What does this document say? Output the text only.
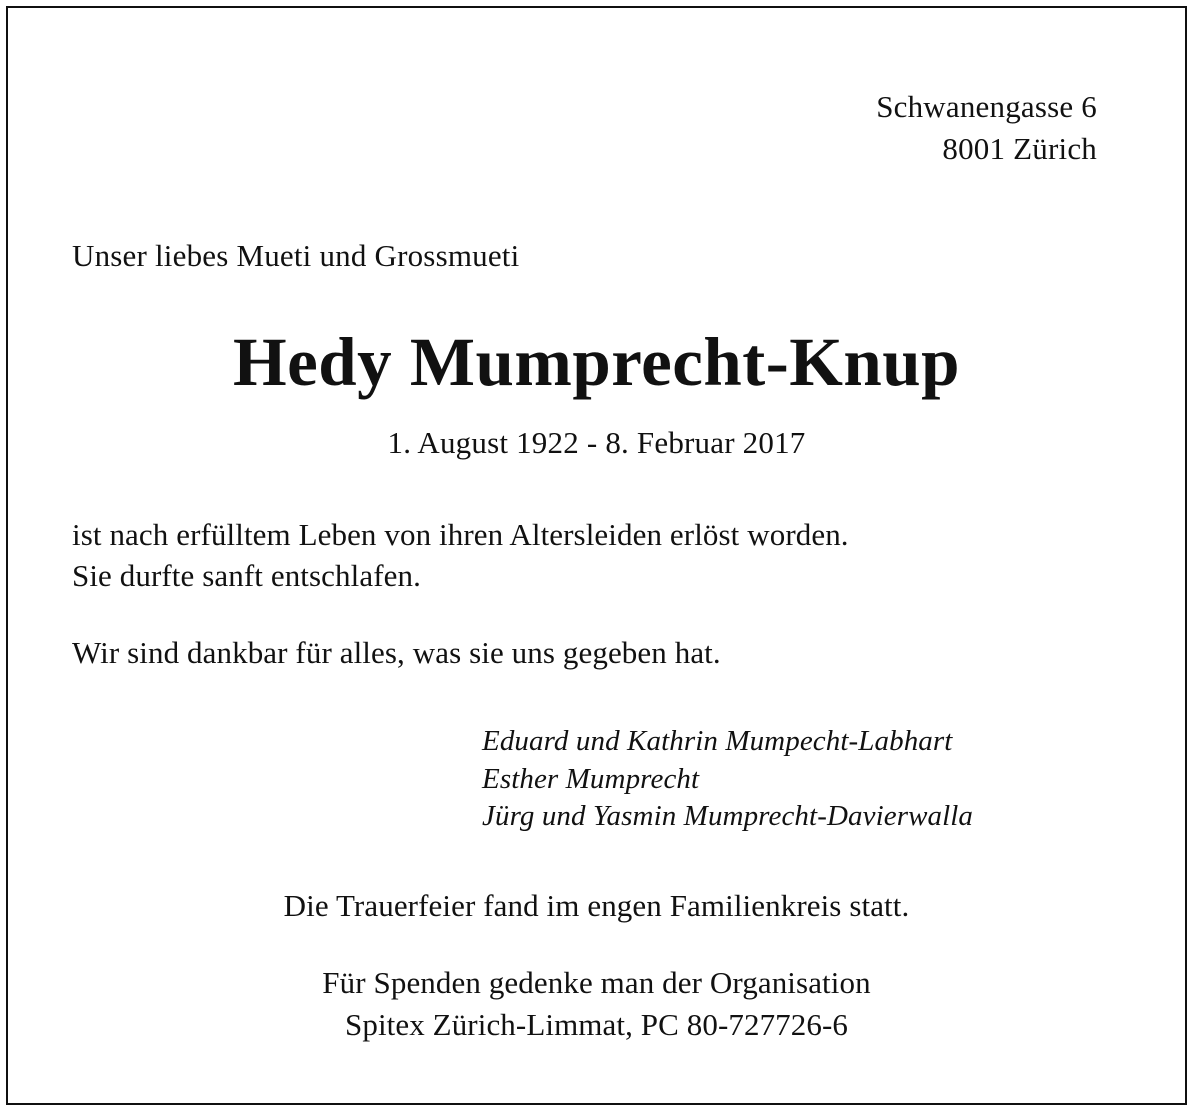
Schwanengasse 6
8001 Zürich
Unser liebes Mueti und Grossmueti
Hedy Mumprecht-Knup
1. August 1922 - 8. Februar 2017
ist nach erfülltem Leben von ihren Altersleiden erlöst worden.
Sie durfte sanft entschlafen.
Wir sind dankbar für alles, was sie uns gegeben hat.
Eduard und Kathrin Mumpecht-Labhart
Esther Mumprecht
Jürg und Yasmin Mumprecht-Davierwalla
Die Trauerfeier fand im engen Familienkreis statt.
Für Spenden gedenke man der Organisation
Spitex Zürich-Limmat, PC 80-727726-6
